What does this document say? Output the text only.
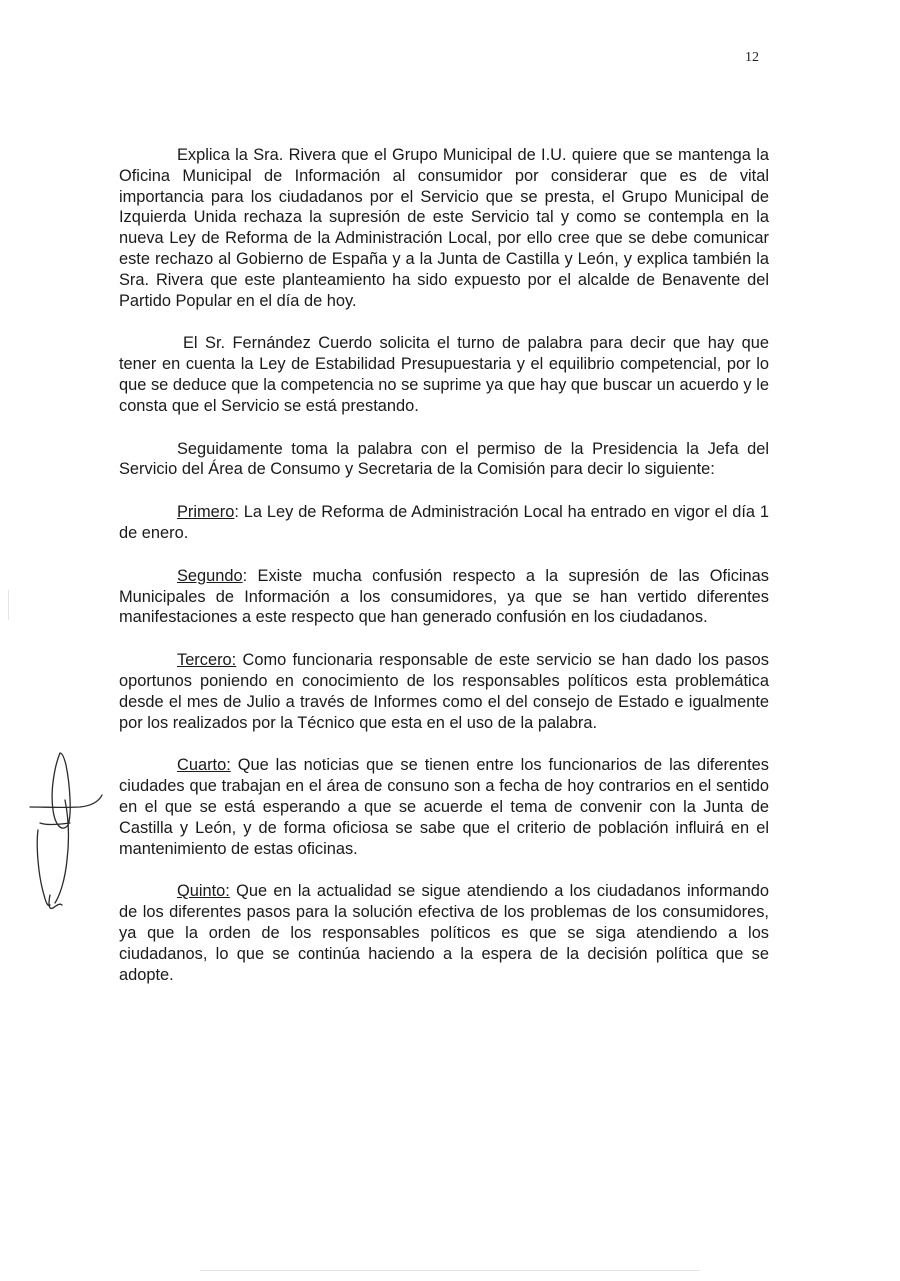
12

Explica la Sra. Rivera que el Grupo Municipal de I.U. quiere que se mantenga la Oficina Municipal de Información al consumidor por considerar que es de vital importancia para los ciudadanos por el Servicio que se presta, el Grupo Municipal de Izquierda Unida rechaza la supresión de este Servicio tal y como se contempla en la nueva Ley de Reforma de la Administración Local, por ello cree que se debe comunicar este rechazo al Gobierno de España y a la Junta de Castilla y León, y explica también la Sra. Rivera que este planteamiento ha sido expuesto por el alcalde de Benavente del Partido Popular en el día de hoy.

El Sr. Fernández Cuerdo solicita el turno de palabra para decir que hay que tener en cuenta la Ley de Estabilidad Presupuestaria y el equilibrio competencial, por lo que se deduce que la competencia no se suprime ya que hay que buscar un acuerdo y le consta que el Servicio se está prestando.

Seguidamente toma la palabra con el permiso de la Presidencia la Jefa del Servicio del Área de Consumo y Secretaria de la Comisión para decir lo siguiente:

Primero: La Ley de Reforma de Administración Local ha entrado en vigor el día 1 de enero.

Segundo: Existe mucha confusión respecto a la supresión de las Oficinas Municipales de Información a los consumidores, ya que se han vertido diferentes manifestaciones a este respecto que han generado confusión en los ciudadanos.

Tercero: Como funcionaria responsable de este servicio se han dado los pasos oportunos poniendo en conocimiento de los responsables políticos esta problemática desde el mes de Julio a través de Informes como el del consejo de Estado e igualmente por los realizados por la Técnico que esta en el uso de la palabra.

Cuarto: Que las noticias que se tienen entre los funcionarios de las diferentes ciudades que trabajan en el área de consuno son a fecha de hoy contrarios en el sentido en el que se está esperando a que se acuerde el tema de convenir con la Junta de Castilla y León, y de forma oficiosa se sabe que el criterio de población influirá en el mantenimiento de estas oficinas.

Quinto: Que en la actualidad se sigue atendiendo a los ciudadanos informando de los diferentes pasos para la solución efectiva de los problemas de los consumidores, ya que la orden de los responsables políticos es que se siga atendiendo a los ciudadanos, lo que se continúa haciendo a la espera de la decisión política que se adopte.
